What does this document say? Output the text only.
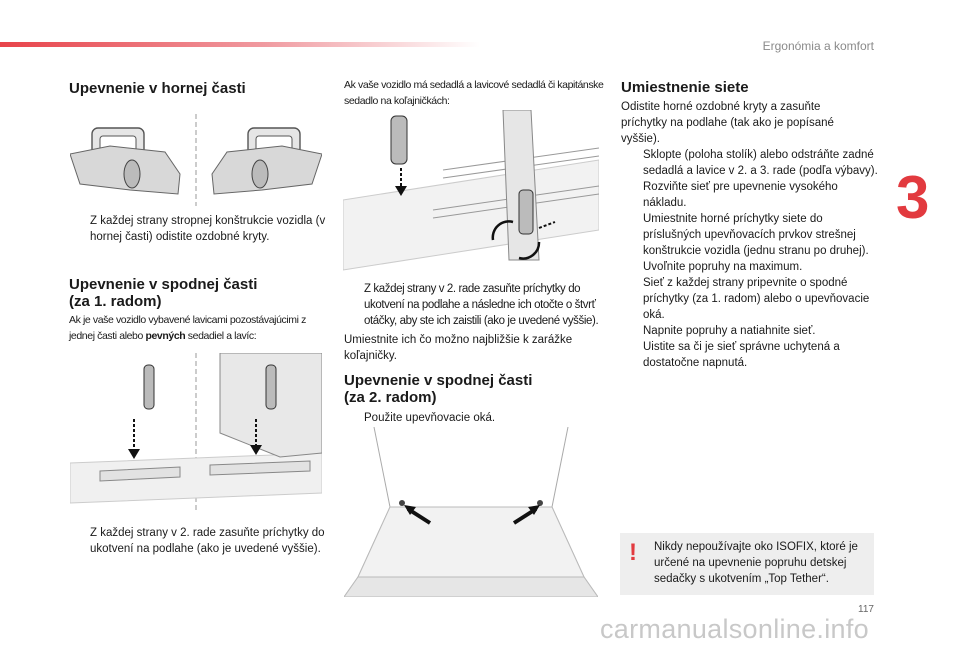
Ergonómia a komfort
3
Upevnenie v hornej časti
Z každej strany stropnej konštrukcie vozidla (v hornej časti) odistite ozdobné kryty.
Upevnenie v spodnej časti
(za 1. radom)

Ak je vaše vozidlo vybavené lavicami pozostávajúcimi z jednej časti alebo pevných sedadiel a lavíc:

Z každej strany v 2. rade zasuňte príchytky do ukotvení na podlahe (ako je uvedené vyššie).

Ak vaše vozidlo má sedadlá a lavicové sedadlá či kapitánske sedadlo na koľajničkách:

Z každej strany v 2. rade zasuňte príchytky do ukotvení na podlahe a následne ich otočte o štvrť otáčky, aby ste ich zaistili (ako je uvedené vyššie).

Umiestnite ich čo možno najbližšie k zarážke koľajničky.

Upevnenie v spodnej časti
(za 2. radom)
Použite upevňovacie oká.
Umiestnenie siete

Odistite horné ozdobné kryty a zasuňte príchytky na podlahe (tak ako je popísané vyššie).

Sklopte (poloha stolík) alebo odstráňte zadné sedadlá a lavice v 2. a 3. rade (podľa výbavy).
Rozviňte sieť pre upevnenie vysokého nákladu.
Umiestnite horné príchytky siete do príslušných upevňovacích prvkov strešnej konštrukcie vozidla (jednu stranu po druhej).
Uvoľnite popruhy na maximum.
Sieť z každej strany pripevnite o spodné príchytky (za 1. radom) alebo o upevňovacie oká.
Napnite popruhy a natiahnite sieť.
Uistite sa či je sieť správne uchytená a dostatočne napnutá.
! Nikdy nepoužívajte oko ISOFIX, ktoré je určené na upevnenie popruhu detskej sedačky s ukotvením „Top Tether“.
117
carmanualsonline.info
